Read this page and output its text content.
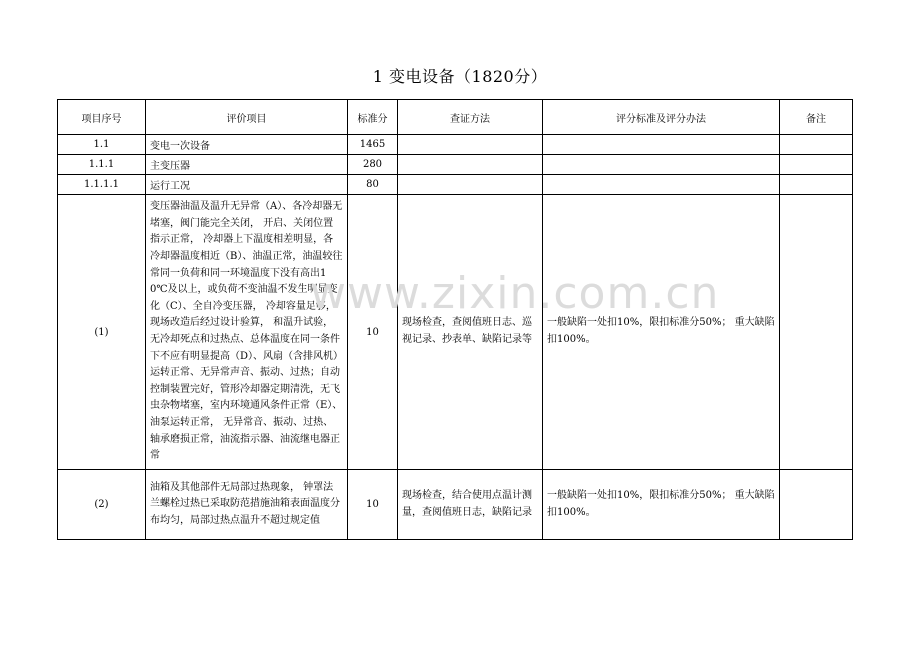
1 变电设备（1820分）
项目序号	评价项目	标准分	查证方法	评分标准及评分办法	备注
1.1	变电一次设备	1465			
1.1.1	主变压器	280			
1.1.1.1	运行工况	80			
(1)	变压器油温及温升无异常（A）、各冷却器无堵塞，阀门能完全关闭， 开启、关闭位置指示正常， 冷却器上下温度相差明显，各冷却器温度相近（B）、油温正常，油温较往常同一负荷和同一环境温度下没有高出10℃及以上，或负荷不变油温不发生明显变化（C）、全自冷变压器， 冷却容量足够，现场改造后经过设计验算， 和温升试验，无冷却死点和过热点、总体温度在同一条件下不应有明显提高（D）、风扇（含排风机）运转正常、无异常声音、振动、过热；自动控制装置完好，管形冷却器定期清洗，无飞虫杂物堵塞，室内环境通风条件正常（E）、油泵运转正常， 无异常音、振动、过热、轴承磨损正常，油流指示器、油流继电器正常	10	现场检查，查阅值班日志、巡视记录、抄表单、缺陷记录等	一般缺陷一处扣10%，限扣标准分50%； 重大缺陷扣100%。	

(2)	油箱及其他部件无局部过热现象， 钟罩法兰螺栓过热已采取防范措施油箱表面温度分布均匀，局部过热点温升不超过规定值	10	现场检查，结合使用点温计测量，查阅值班日志，缺陷记录	一般缺陷一处扣10%，限扣标准分50%； 重大缺陷扣100%。	

www.zixin.com.cn
